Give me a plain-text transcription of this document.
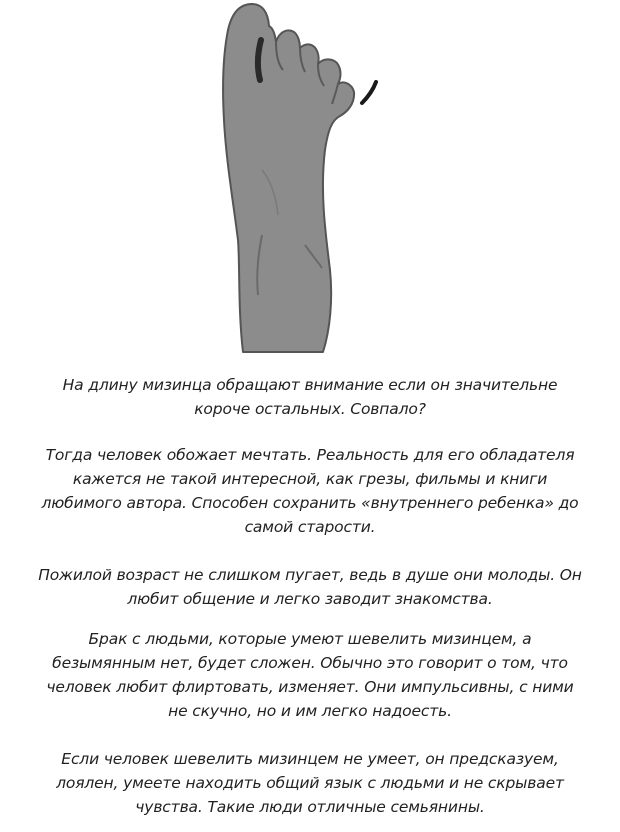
На длину мизинца обращают внимание если он значительне
короче остальных. Совпало?
Тогда человек обожает мечтать. Реальность для его обладателя
кажется не такой интересной, как грезы, фильмы и книги
любимого автора. Способен сохранить «внутреннего ребенка» до
самой старости.
Пожилой возраст не слишком пугает, ведь в душе они молоды. Он
любит общение и легко заводит знакомства.
Брак с людьми, которые умеют шевелить мизинцем, а
безымянным нет, будет сложен. Обычно это говорит о том, что
человек любит флиртовать, изменяет. Они импульсивны, с ними
не скучно, но и им легко надоесть.
Если человек шевелить мизинцем не умеет, он предсказуем,
лоялен, умеете находить общий язык с людьми и не скрывает
чувства. Такие люди отличные семьянины.
